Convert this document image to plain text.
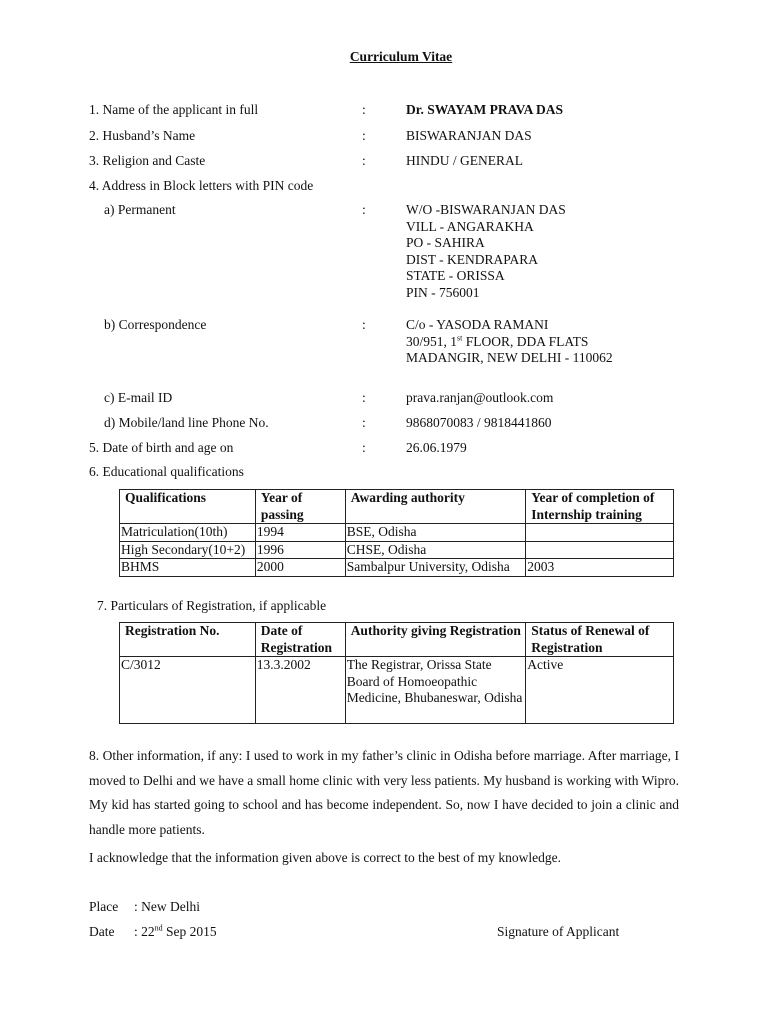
Curriculum Vitae
1. Name of the applicant in full	:	Dr. SWAYAM PRAVA DAS
2. Husband’s Name	:	BISWARANJAN DAS
3. Religion and Caste	:	HINDU / GENERAL
4. Address in Block letters with PIN code
a) Permanent	:	W/O -BISWARANJAN DAS
VILL - ANGARAKHA
PO - SAHIRA
DIST - KENDRAPARA
STATE - ORISSA
PIN - 756001
b) Correspondence	:	C/o - YASODA RAMANI
30/951, 1st FLOOR, DDA FLATS
MADANGIR, NEW DELHI - 110062
c) E-mail ID	:	prava.ranjan@outlook.com
d) Mobile/land line Phone No.	:	9868070083 / 9818441860
5. Date of birth and age on	:	26.06.1979
6. Educational qualifications
Qualifications	Year of passing	Awarding authority	Year of completion of Internship training
Matriculation(10th)	1994	BSE, Odisha	
High Secondary(10+2)	1996	CHSE, Odisha	
BHMS	2000	Sambalpur University, Odisha	2003
7. Particulars of Registration, if applicable
Registration No.	Date of Registration	Authority giving Registration	Status of Renewal of Registration
C/3012	13.3.2002	The Registrar, Orissa State Board of Homoeopathic Medicine, Bhubaneswar, Odisha	Active
8. Other information, if any: I used to work in my father’s clinic in Odisha before marriage. After marriage, I moved to Delhi and we have a small home clinic with very less patients. My husband is working with Wipro. My kid has started going to school and has become independent. So, now I have decided to join a clinic and handle more patients.
I acknowledge that the information given above is correct to the best of my knowledge.
Place : New Delhi
Date : 22nd Sep 2015	Signature of Applicant
